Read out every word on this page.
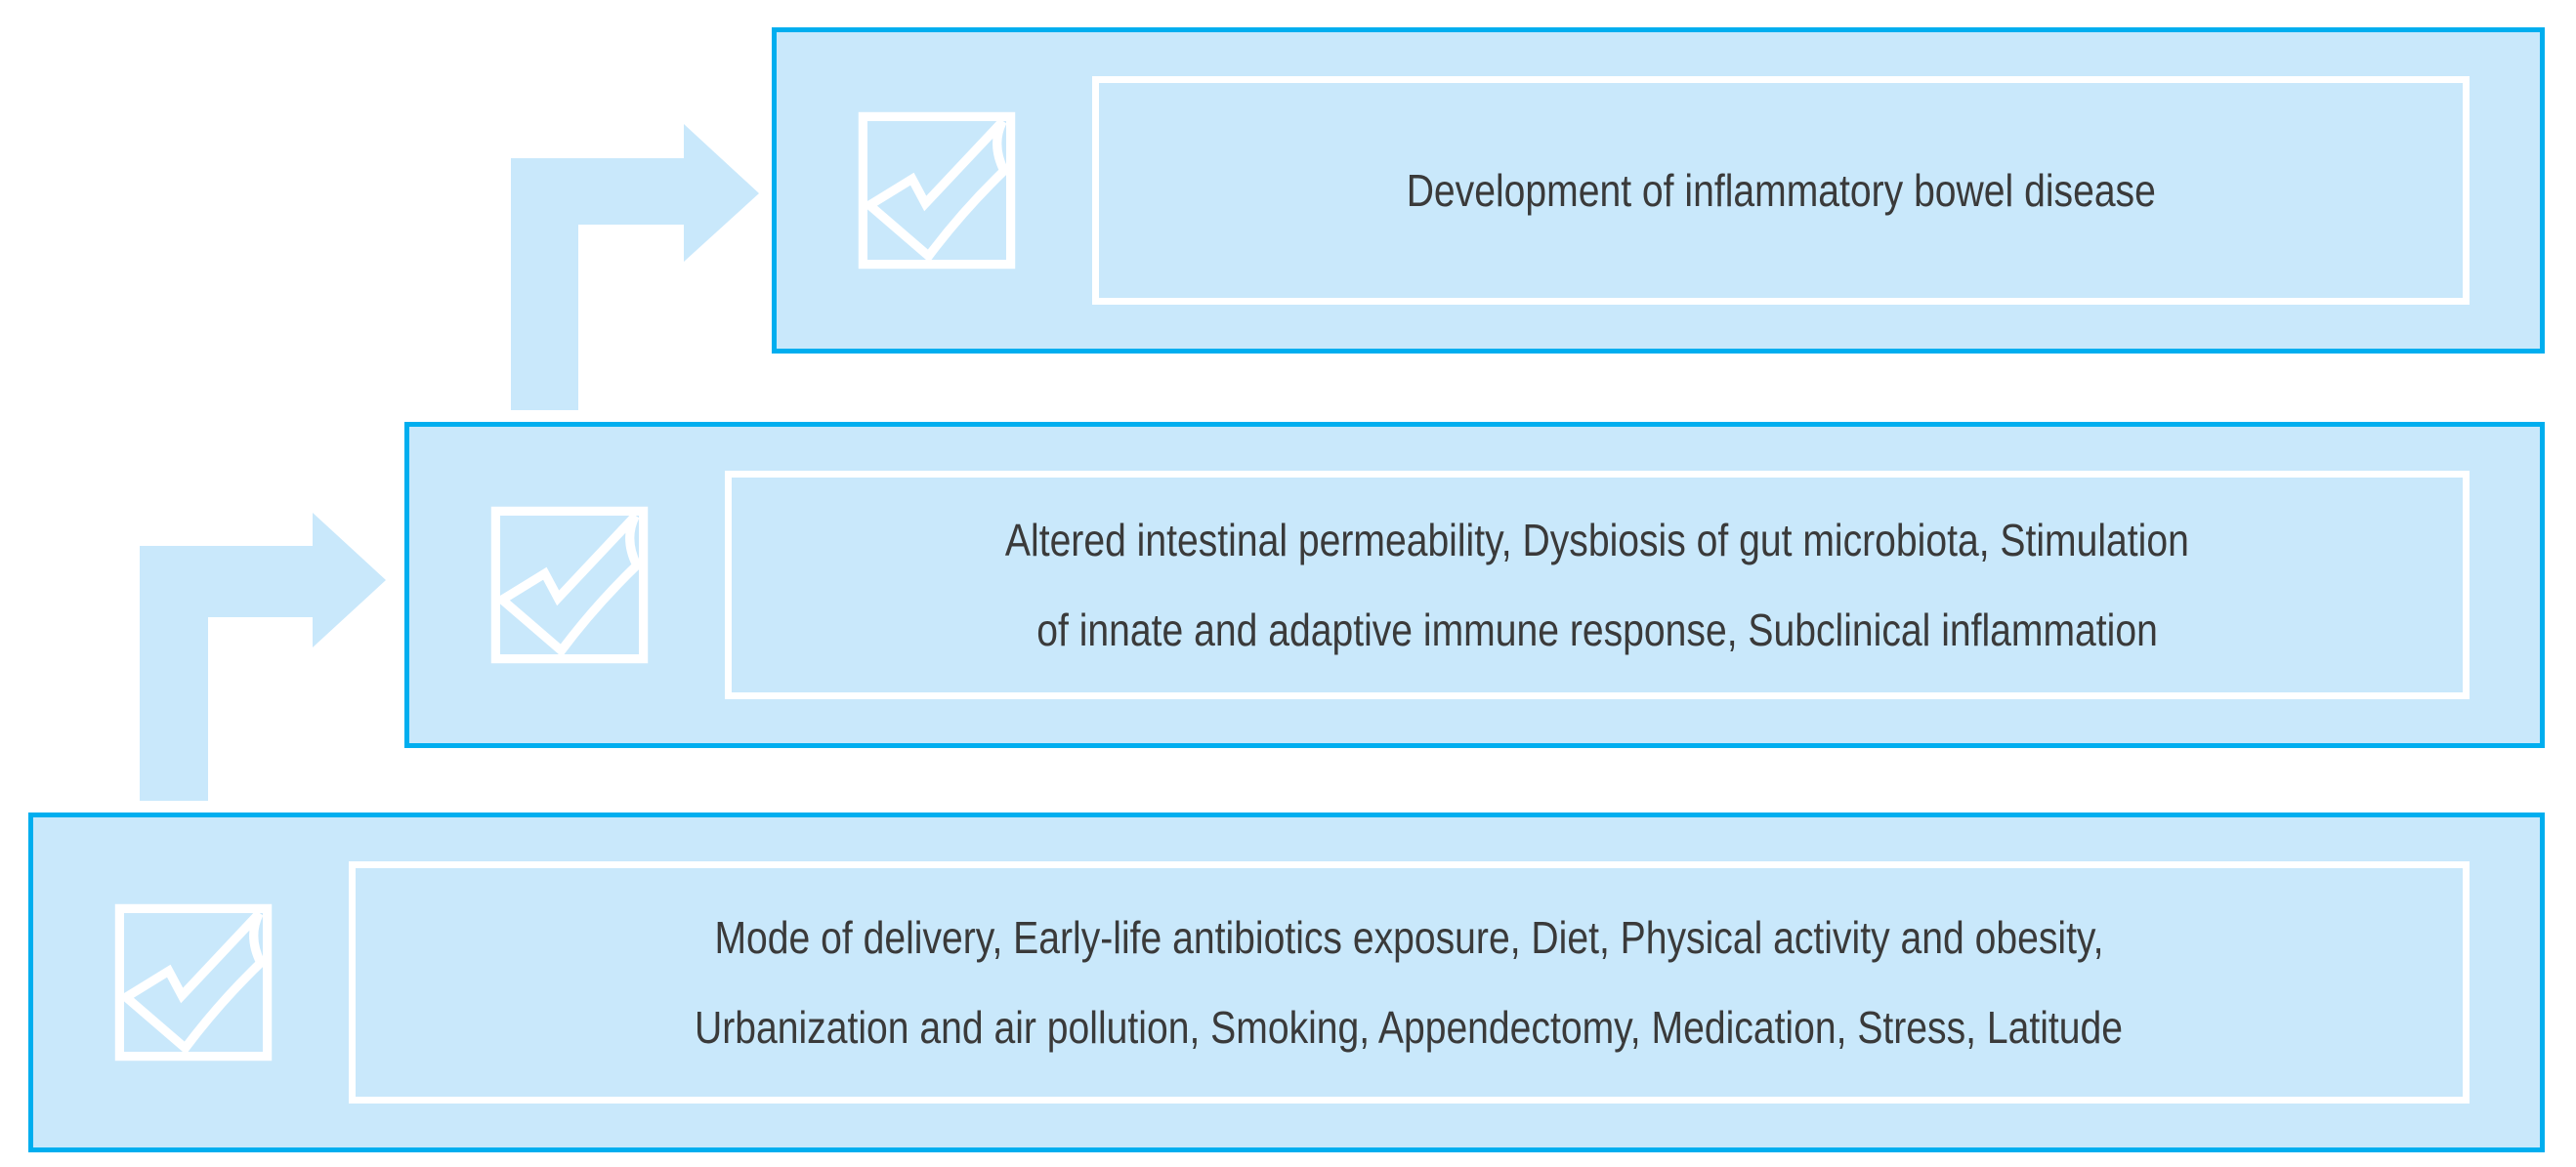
Development of inflammatory bowel disease
Altered intestinal permeability, Dysbiosis of gut microbiota, Stimulation
of innate and adaptive immune response, Subclinical inflammation
Mode of delivery, Early-life antibiotics exposure, Diet, Physical activity and obesity,
Urbanization and air pollution, Smoking, Appendectomy, Medication, Stress, Latitude
